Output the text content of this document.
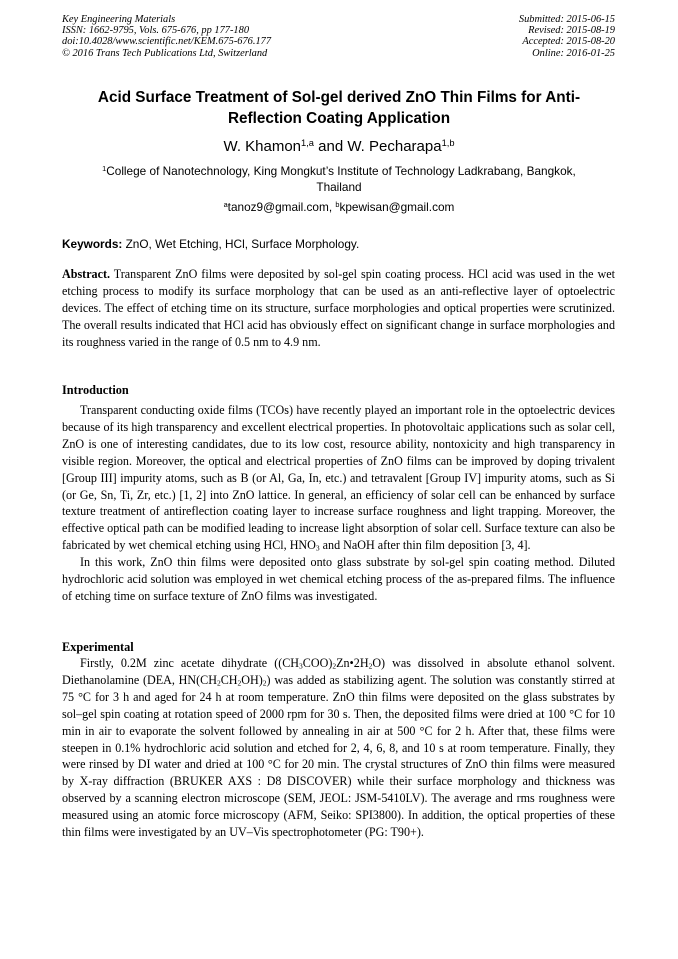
Key Engineering Materials
ISSN: 1662-9795, Vols. 675-676, pp 177-180
doi:10.4028/www.scientific.net/KEM.675-676.177
© 2016 Trans Tech Publications Ltd, Switzerland
Submitted: 2015-06-15
Revised: 2015-08-19
Accepted: 2015-08-20
Online: 2016-01-25
Acid Surface Treatment of Sol-gel derived ZnO Thin Films for Anti-
Reflection Coating Application
W. Khamon$^{1,a}$ and W. Pecharapa$^{1,b}$
$^1$College of Nanotechnology, King Mongkut’s Institute of Technology Ladkrabang, Bangkok,
Thailand
$^a$tanoz9@gmail.com, $^b$kpewisan@gmail.com
Keywords: ZnO, Wet Etching, HCl, Surface Morphology.

Abstract. Transparent ZnO films were deposited by sol-gel spin coating process. HCl acid was used in the wet etching process to modify its surface morphology that can be used as an anti-reflective layer of optoelectric devices. The effect of etching time on its structure, surface morphologies and optical properties were scrutinized. The overall results indicated that HCl acid has obviously effect on significant change in surface morphologies and its roughness varied in the range of 0.5 nm to 4.9 nm.

Introduction

Transparent conducting oxide films (TCOs) have recently played an important role in the optoelectric devices because of its high transparency and excellent electrical properties. In photovoltaic applications such as solar cell, ZnO is one of interesting candidates, due to its low cost, resource ability, nontoxicity and high transparency in visible region. Moreover, the optical and electrical properties of ZnO films can be improved by doping trivalent [Group III] impurity atoms, such as B (or Al, Ga, In, etc.) and tetravalent [Group IV] impurity atoms, such as Si (or Ge, Sn, Ti, Zr, etc.) [1, 2] into ZnO lattice. In general, an efficiency of solar cell can be enhanced by surface texture treatment of antireflection coating layer to increase surface roughness and light trapping. Moreover, the effective optical path can be modified leading to increase light absorption of solar cell. Surface texture can also be fabricated by wet chemical etching using HCl, $HNO_3$ and NaOH after thin film deposition [3, 4].

In this work, ZnO thin films were deposited onto glass substrate by sol-gel spin coating method. Diluted hydrochloric acid solution was employed in wet chemical etching process of the as-prepared films. The influence of etching time on surface texture of ZnO films was investigated.

Experimental

Firstly, 0.2M zinc acetate dihydrate $((CH_3COO)_2Zn•2H_2O)$ was dissolved in absolute ethanol solvent. Diethanolamine (DEA, $HN(CH_2CH_2OH)_2$) was added as stabilizing agent. The solution was constantly stirred at 75 °C for 3 h and aged for 24 h at room temperature. ZnO thin films were deposited on the glass substrates by sol–gel spin coating at rotation speed of 2000 rpm for 30 s. Then, the deposited films were dried at 100 °C for 10 min in air to evaporate the solvent followed by annealing in air at 500 °C for 2 h. After that, these films were steepen in 0.1% hydrochloric acid solution and etched for 2, 4, 6, 8, and 10 s at room temperature. Finally, they were rinsed by DI water and dried at 100 °C for 20 min. The crystal structures of ZnO thin films were measured by X-ray diffraction (BRUKER AXS : D8 DISCOVER) while their surface morphology and thickness was observed by a scanning electron microscope (SEM, JEOL: JSM-5410LV). The average and rms roughness were measured using an atomic force microscopy (AFM, Seiko: SPI3800). In addition, the optical properties of these thin films were investigated by an UV–Vis spectrophotometer (PG: T90+).
